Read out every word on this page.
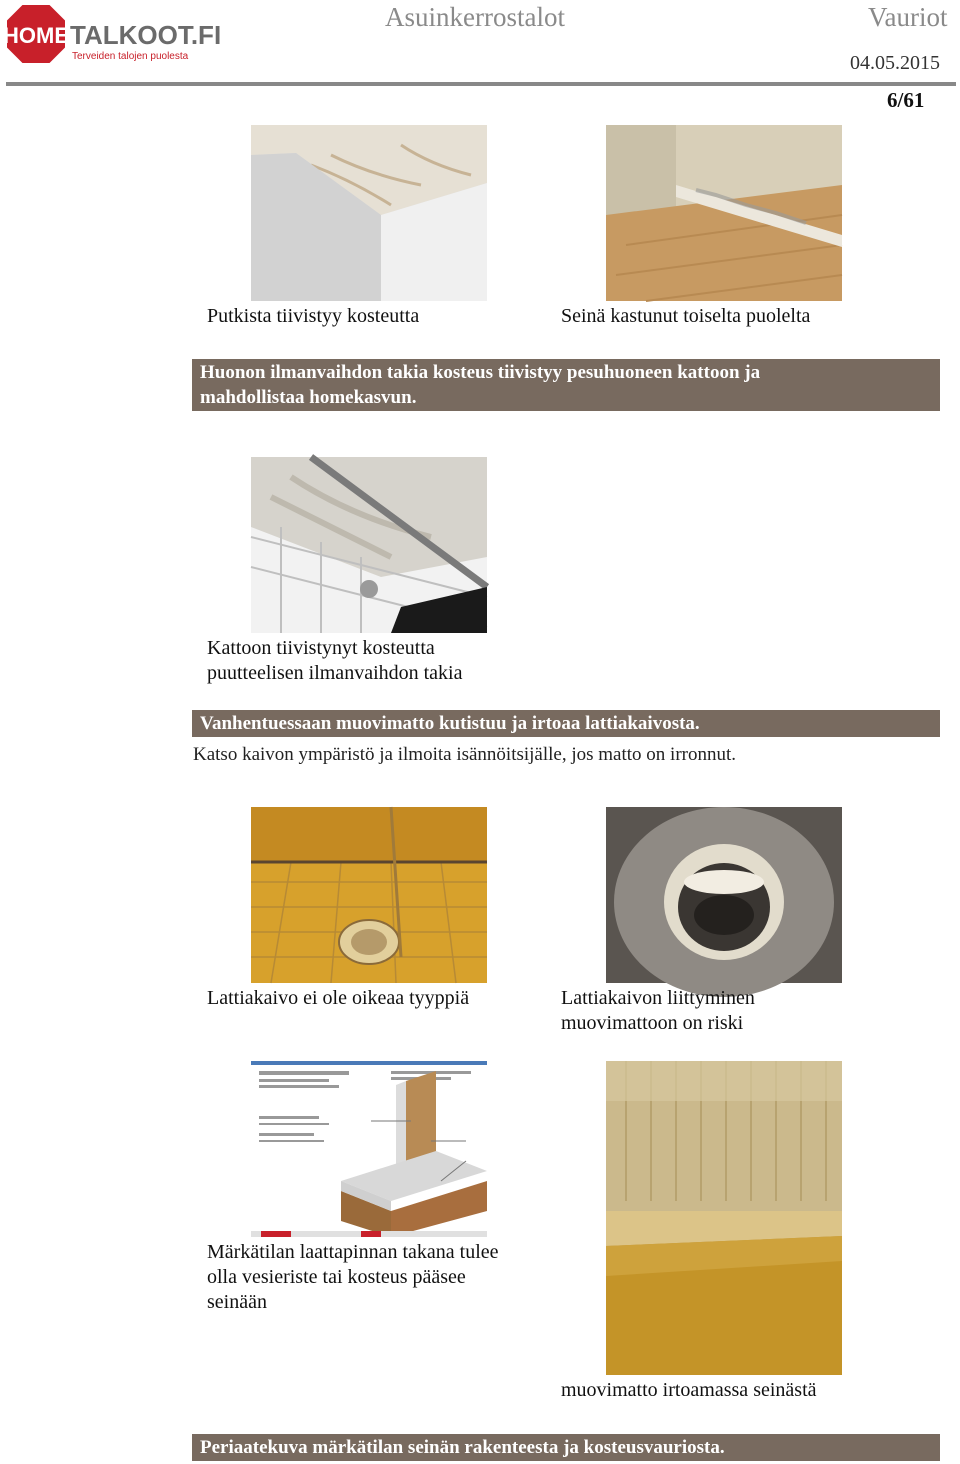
HOME TALKOOT.FI
Terveiden talojen puolesta
Asuinkerrostalot	Vauriot
04.05.2015
6/61
Putkista tiivistyy kosteutta	Seinä kastunut toiselta puolelta
Huonon ilmanvaihdon takia kosteus tiivistyy pesuhuoneen kattoon ja
mahdollistaa homekasvun.
Kattoon tiivistynyt kosteutta
puutteelisen ilmanvaihdon takia
Vanhentuessaan muovimatto kutistuu ja irtoaa lattiakaivosta.
Katso kaivon ympäristö ja ilmoita isännöitsijälle, jos matto on irronnut.
Lattiakaivo ei ole oikeaa tyyppiä	Lattiakaivon liittyminen
muovimattoon on riski
Märkätilan laattapinnan takana tulee
olla vesieriste tai kosteus pääsee
seinään
muovimatto irtoamassa seinästä
Periaatekuva märkätilan seinän rakenteesta ja kosteusvauriosta.
